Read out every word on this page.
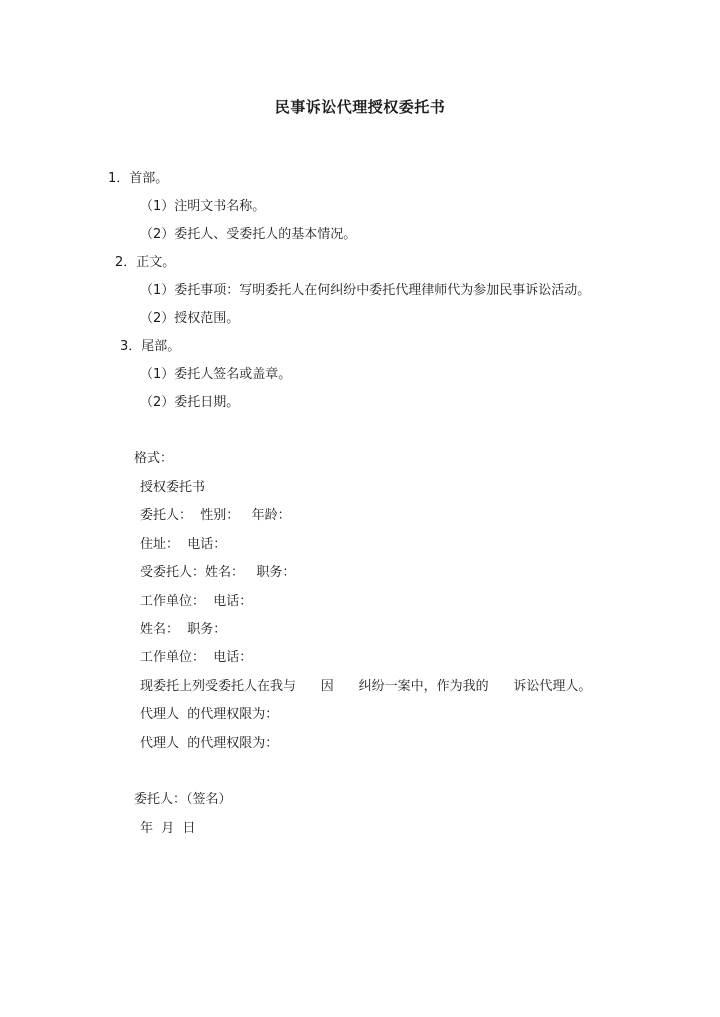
民事诉讼代理授权委托书
1．首部。
（1）注明文书名称。
（2）委托人、受委托人的基本情况。
2．正文。
（1）委托事项：写明委托人在何纠纷中委托代理律师代为参加民事诉讼活动。
（2）授权范围。
3．尾部。
（1）委托人签名或盖章。
（2）委托日期。
格式：
授权委托书
委托人：  性别：   年龄：
住址：  电话：
受委托人：姓名：   职务：
工作单位：  电话：
姓名：  职务：
工作单位：  电话：
现委托上列受委托人在我与      因      纠纷一案中，作为我的      诉讼代理人。
代理人  的代理权限为：
代理人  的代理权限为：
委托人：（签名）
年  月  日
